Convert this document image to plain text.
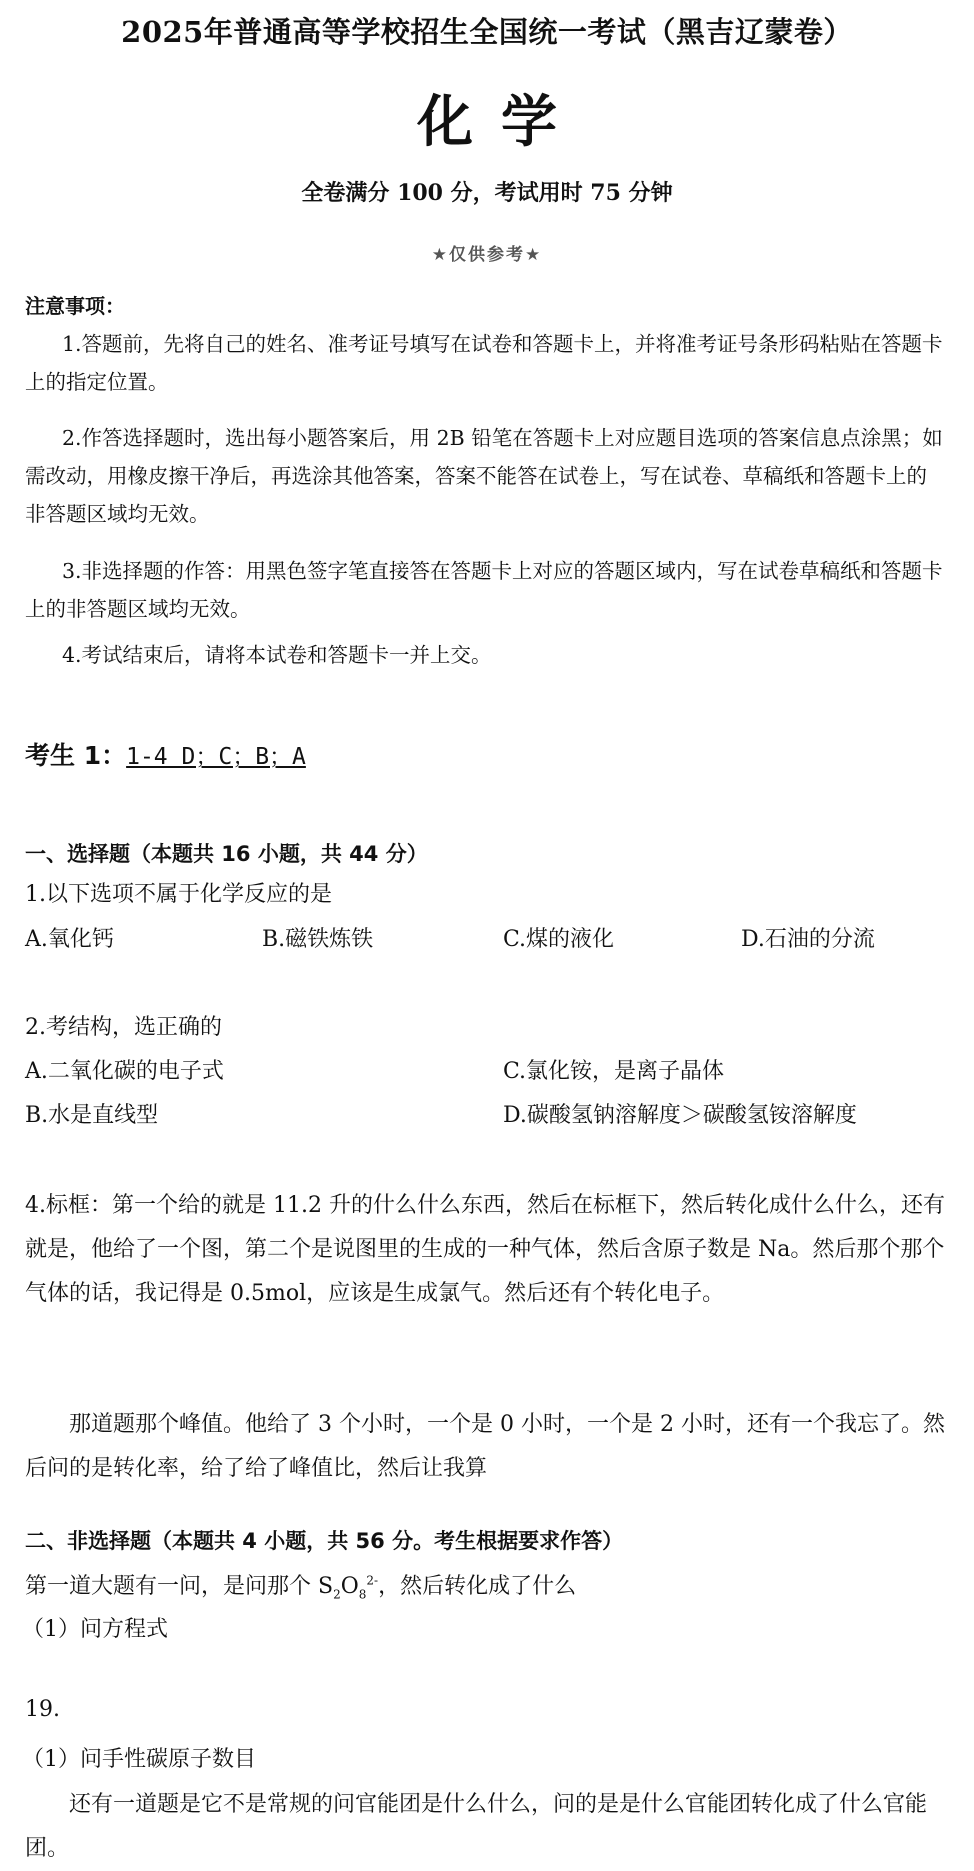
2025年普通高等学校招生全国统一考试（黑吉辽蒙卷）
化学
全卷满分 100 分，考试用时 75 分钟
★仅供参考★
注意事项：
1.答题前，先将自己的姓名、准考证号填写在试卷和答题卡上，并将准考证号条形码粘贴在答题卡上的指定位置。
2.作答选择题时，选出每小题答案后，用 2B 铅笔在答题卡上对应题目选项的答案信息点涂黑；如需改动，用橡皮擦干净后，再选涂其他答案，答案不能答在试卷上，写在试卷、草稿纸和答题卡上的非答题区域均无效。
3.非选择题的作答：用黑色签字笔直接答在答题卡上对应的答题区域内，写在试卷草稿纸和答题卡上的非答题区域均无效。
4.考试结束后，请将本试卷和答题卡一并上交。
考生 1：1-4 D；C；B；A
一、选择题（本题共 16 小题，共 44 分）
1.以下选项不属于化学反应的是
A.氧化钙	B.磁铁炼铁	C.煤的液化	D.石油的分流
2.考结构，选正确的
A.二氧化碳的电子式	C.氯化铵，是离子晶体
B.水是直线型	D.碳酸氢钠溶解度＞碳酸氢铵溶解度
4.标框：第一个给的就是 11.2 升的什么什么东西，然后在标框下，然后转化成什么什么，还有就是，他给了一个图，第二个是说图里的生成的一种气体，然后含原子数是 Na。然后那个那个气体的话，我记得是 0.5mol，应该是生成氯气。然后还有个转化电子。
那道题那个峰值。他给了 3 个小时，一个是 0 小时，一个是 2 小时，还有一个我忘了。然后问的是转化率，给了给了峰值比，然后让我算
二、非选择题（本题共 4 小题，共 56 分。考生根据要求作答）
第一道大题有一问，是问那个 $S_2O_8^{2-}$，然后转化成了什么
（1）问方程式
19.
（1）问手性碳原子数目
还有一道题是它不是常规的问官能团是什么什么，问的是是什么官能团转化成了什么官能团。
